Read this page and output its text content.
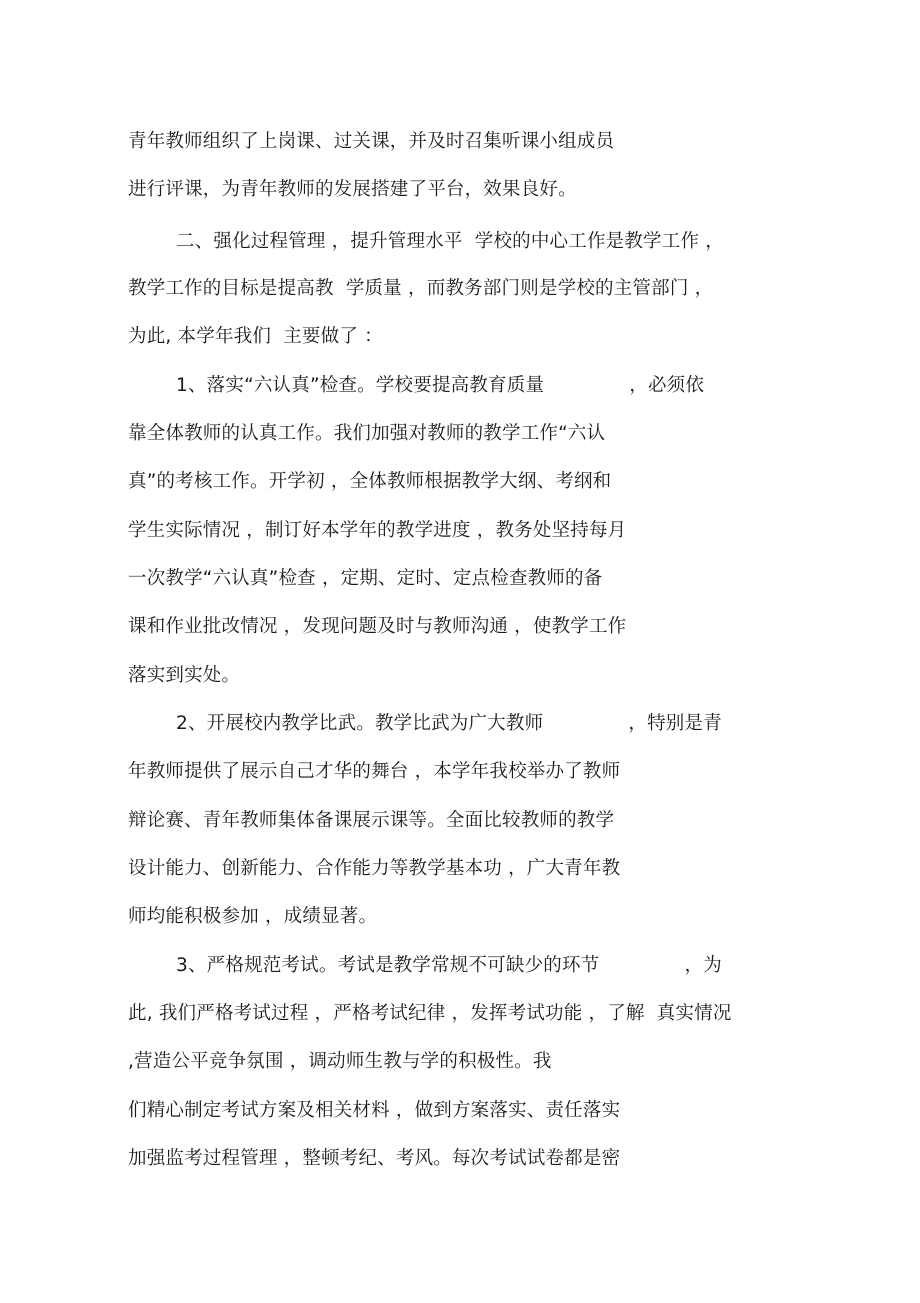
青年教师组织了上岗课、过关课，并及时召集听课小组成员
进行评课，为青年教师的发展搭建了平台，效果良好。
二、强化过程管理 ，提升管理水平  学校的中心工作是教学工作 ，
教学工作的目标是提高教  学质量 ，而教务部门则是学校的主管部门 ，
为此, 本学年我们  主要做了 ：
1、落实“六认真”检查。学校要提高教育质量              ，必须依
靠全体教师的认真工作。我们加强对教师的教学工作“六认
真”的考核工作。开学初 ，全体教师根据教学大纲、考纲和
学生实际情况 ，制订好本学年的教学进度 ，教务处坚持每月
一次教学“六认真”检查 ，定期、定时、定点检查教师的备
课和作业批改情况 ，发现问题及时与教师沟通 ，使教学工作
落实到实处。
2、开展校内教学比武。教学比武为广大教师              ，特别是青
年教师提供了展示自己才华的舞台 ，本学年我校举办了教师
辩论赛、青年教师集体备课展示课等。全面比较教师的教学
设计能力、创新能力、合作能力等教学基本功 ，广大青年教
师均能积极参加 ，成绩显著。
3、严格规范考试。考试是教学常规不可缺少的环节              ，为
此, 我们严格考试过程 ，严格考试纪律 ，发挥考试功能 ，了解  真实情况
,营造公平竞争氛围 ，调动师生教与学的积极性。我
们精心制定考试方案及相关材料 ，做到方案落实、责任落实
加强监考过程管理 ，整顿考纪、考风。每次考试试卷都是密
